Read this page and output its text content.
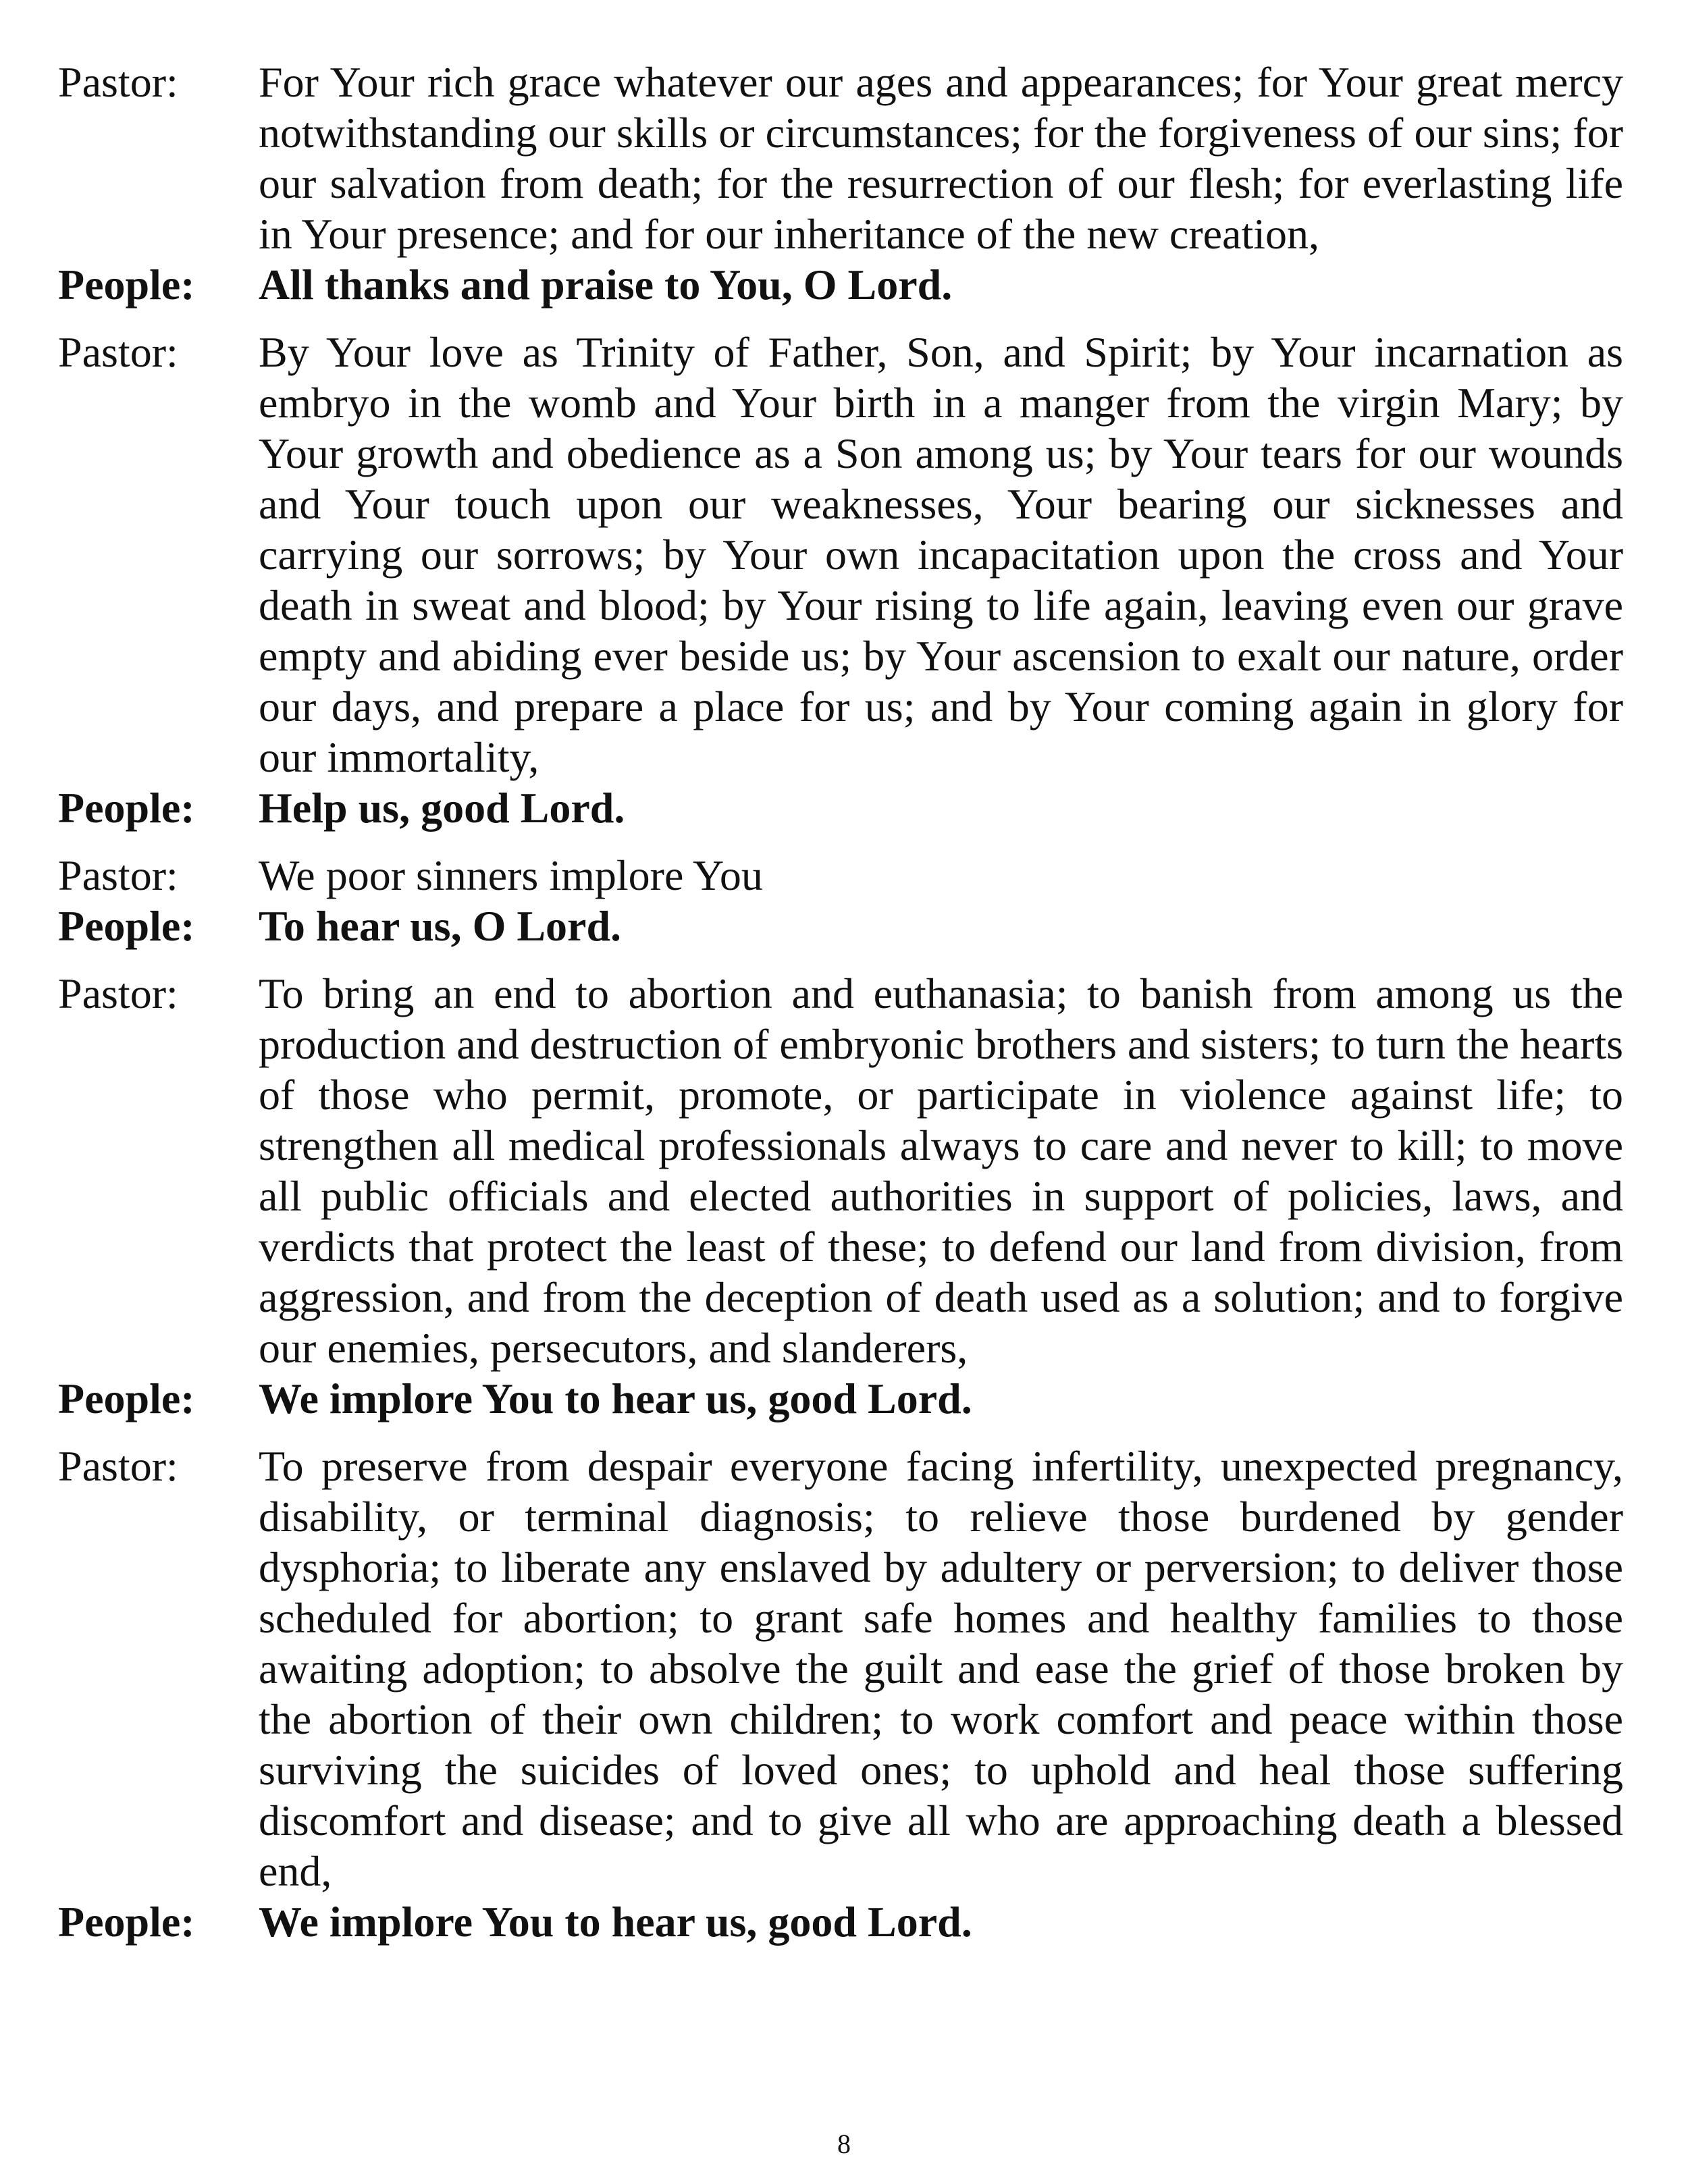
Pastor:	For Your rich grace whatever our ages and appearances; for Your great mercy notwithstanding our skills or circumstances; for the forgiveness of our sins; for our salvation from death; for the resurrection of our flesh; for everlasting life in Your presence; and for our inheritance of the new creation,
People:	All thanks and praise to You, O Lord.
Pastor:	By Your love as Trinity of Father, Son, and Spirit; by Your incarnation as embryo in the womb and Your birth in a manger from the virgin Mary; by Your growth and obedience as a Son among us; by Your tears for our wounds and Your touch upon our weaknesses, Your bearing our sicknesses and carrying our sorrows; by Your own incapacitation upon the cross and Your death in sweat and blood; by Your rising to life again, leaving even our grave empty and abiding ever beside us; by Your ascension to exalt our nature, order our days, and prepare a place for us; and by Your coming again in glory for our immortality,
People:	Help us, good Lord.
Pastor:	We poor sinners implore You
People:	To hear us, O Lord.
Pastor:	To bring an end to abortion and euthanasia; to banish from among us the production and destruction of embryonic brothers and sisters; to turn the hearts of those who permit, promote, or participate in violence against life; to strengthen all medical professionals always to care and never to kill; to move all public officials and elected authorities in support of policies, laws, and verdicts that protect the least of these; to defend our land from division, from aggression, and from the deception of death used as a solution; and to forgive our enemies, persecutors, and slanderers,
People:	We implore You to hear us, good Lord.
Pastor:	To preserve from despair everyone facing infertility, unexpected pregnancy, disability, or terminal diagnosis; to relieve those burdened by gender dysphoria; to liberate any enslaved by adultery or perversion; to deliver those scheduled for abortion; to grant safe homes and healthy families to those awaiting adoption; to absolve the guilt and ease the grief of those broken by the abortion of their own children; to work comfort and peace within those surviving the suicides of loved ones; to uphold and heal those suffering discomfort and disease; and to give all who are approaching death a blessed end,
People:	We implore You to hear us, good Lord.
8
